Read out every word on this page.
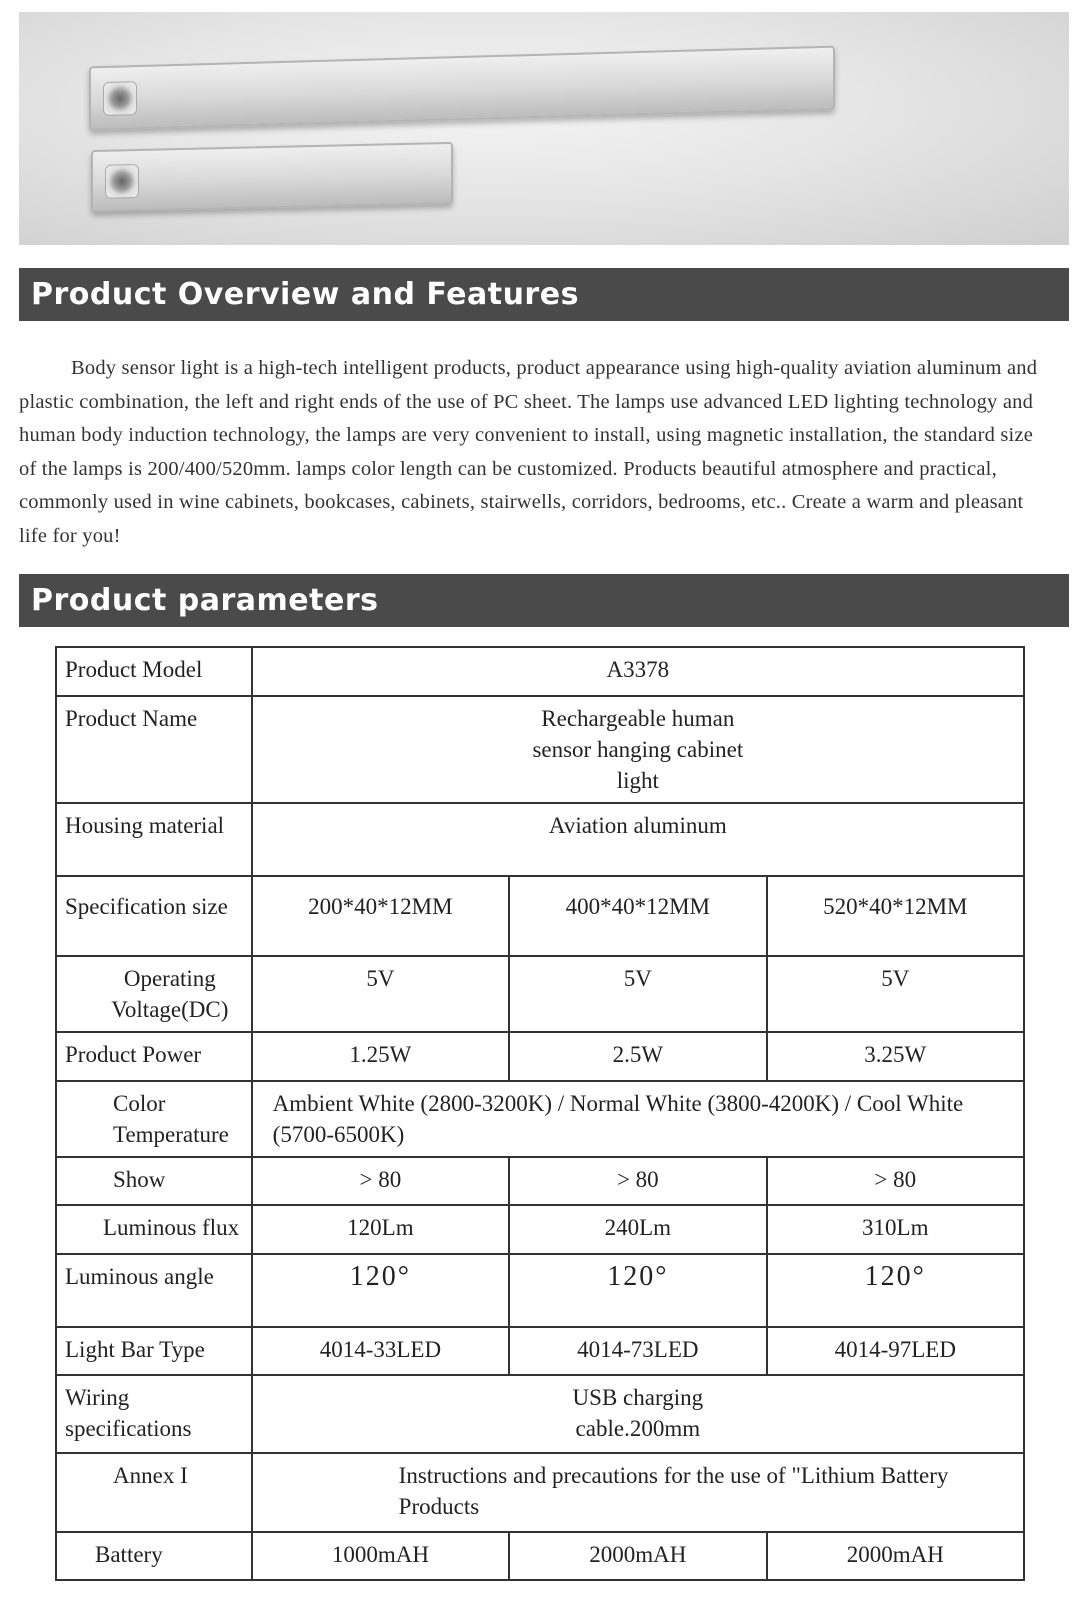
Product Overview and Features
Body sensor light is a high-tech intelligent products, product appearance using high-quality aviation aluminum and plastic combination, the left and right ends of the use of PC sheet. The lamps use advanced LED lighting technology and human body induction technology, the lamps are very convenient to install, using magnetic installation, the standard size of the lamps is 200/400/520mm. lamps color length can be customized. Products beautiful atmosphere and practical, commonly used in wine cabinets, bookcases, cabinets, stairwells, corridors, bedrooms, etc.. Create a warm and pleasant life for you!
Product parameters
Product Model	A3378		
Product Name	Rechargeable human sensor hanging cabinet light		

Housing material	Aviation aluminum		
Specification size	200*40*12MM	400*40*12MM	520*40*12MM
Operating Voltage(DC)	5V	5V	5V
Product Power	1.25W	2.5W	3.25W
Color Temperature	Ambient White (2800-3200K) / Normal White (3800-4200K) / Cool White (5700-6500K)		
Show	> 80	> 80	> 80
Luminous flux	120Lm	240Lm	310Lm
Luminous angle	120°	120°	120°
Light Bar Type	4014-33LED	4014-73LED	4014-97LED
Wiring specifications	USB charging cable.200mm		

Annex I	Instructions and precautions for the use of "Lithium Battery Products		
Battery	1000mAH	2000mAH	2000mAH
